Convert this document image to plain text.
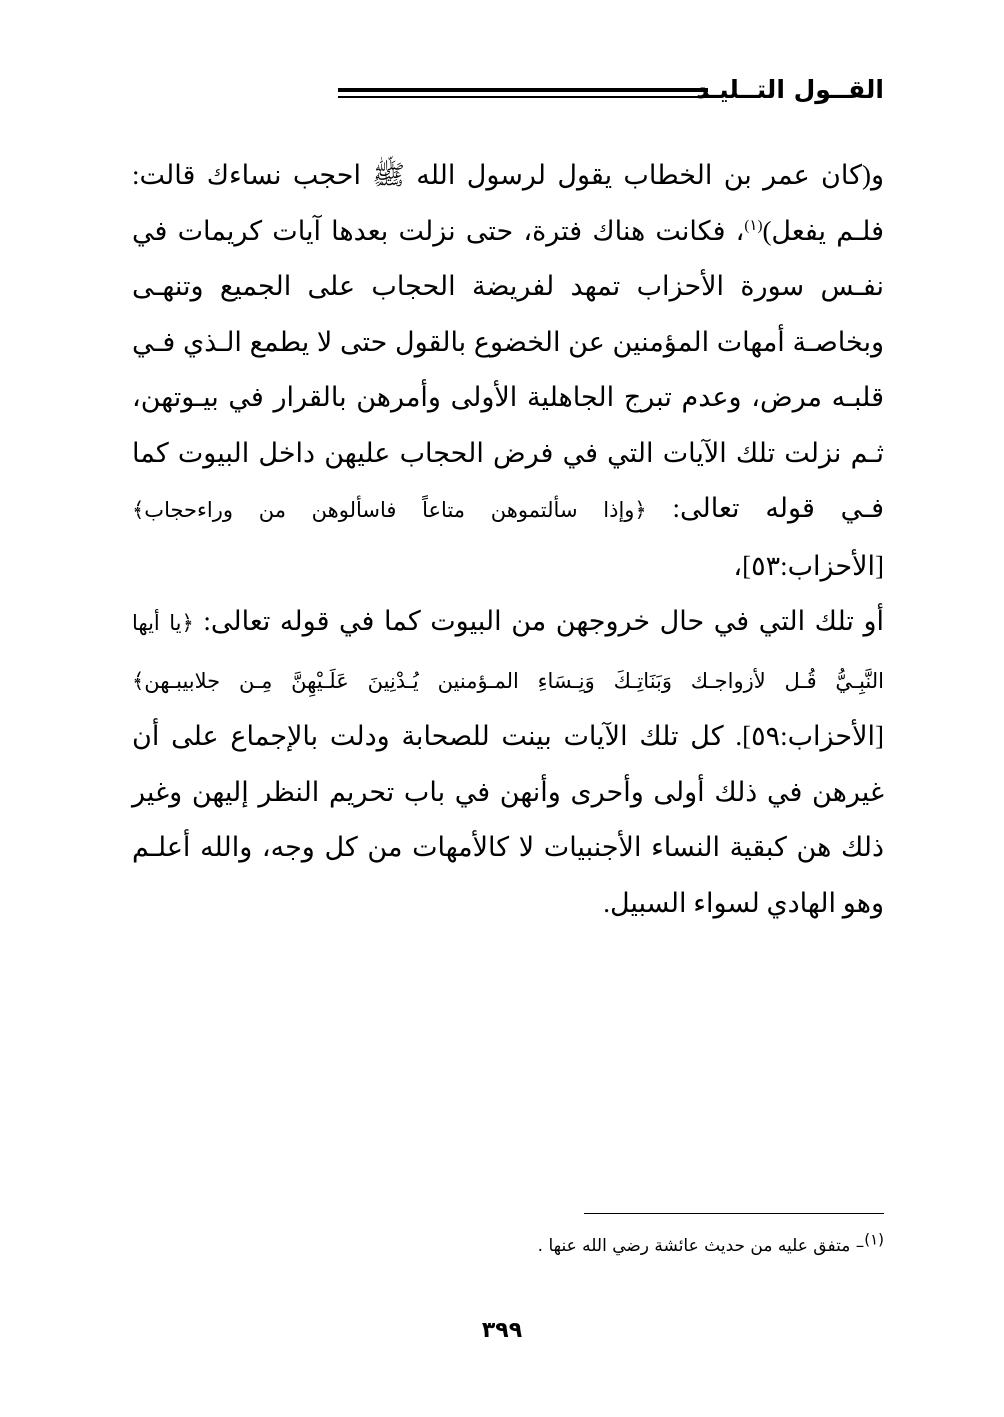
القــول التــليـد

و(كان عمر بن الخطاب يقول لرسول الله ﷺ احجب نساءك قالت: فلـم يفعل)$^{(١)}$، فكانت هناك فترة، حتى نزلت بعدها آيات كريمات في نفـس سورة الأحزاب تمهد لفريضة الحجاب على الجميع وتنهـى وبخاصـة أمهات المؤمنين عن الخضوع بالقول حتى لا يطمع الـذي فـي قلبـه مرض، وعدم تبرج الجاهلية الأولى وأمرهن بالقرار في بيـوتهن، ثـم نزلت تلك الآيات التي في فرض الحجاب عليهن داخل البيوت كما فـي قوله تعالى: ﴿وإذا سألتموهن متاعاً فاسألوهن من وراءحجاب﴾ [الأحزاب:٥٣]،

أو تلك التي في حال خروجهن من البيوت كما في قوله تعالى: ﴿يا أيها النَّبِـيُّ قُـل لأزواجـك وَبَنَاتِـكَ وَنِـسَاءِ المـؤمنين يُـدْنِينَ عَلَـيْهِنَّ مِـن جلابيبـهن﴾ [الأحزاب:٥٩]. كل تلك الآيات بينت للصحابة ودلت بالإجماع على أن غيرهن في ذلك أولى وأحرى وأنهن في باب تحريم النظر إليهن وغير ذلك هن كبقية النساء الأجنبيات لا كالأمهات من كل وجه، والله أعلـم وهو الهادي لسواء السبيل.

$^{(١)}$– متفق عليه من حديث عائشة رضي الله عنها .
٣٩٩
